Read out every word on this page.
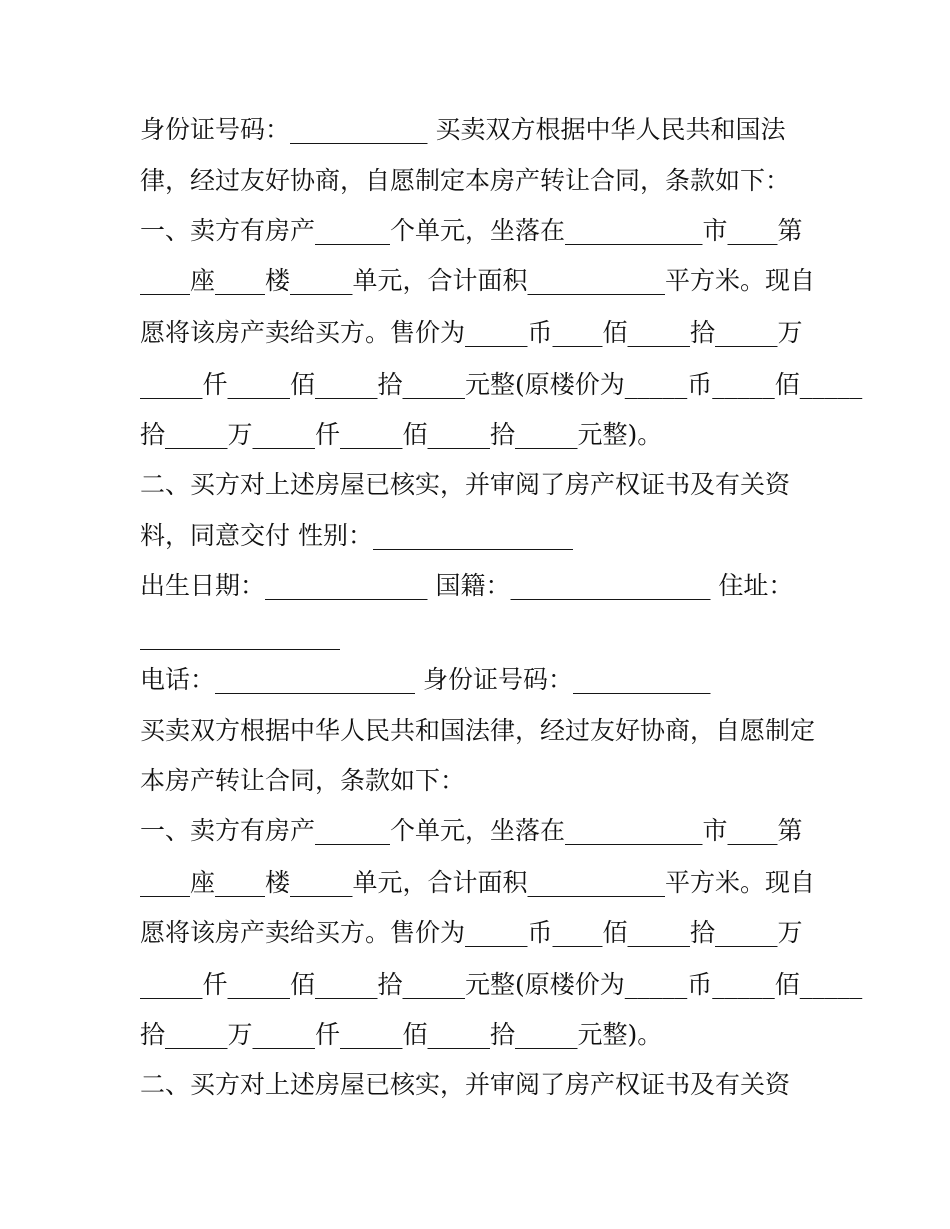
身份证号码：___________ 买卖双方根据中华人民共和国法
律，经过友好协商，自愿制定本房产转让合同，条款如下：
一、卖方有房产______个单元，坐落在___________市____第
____座____楼_____单元，合计面积___________平方米。现自
愿将该房产卖给买方。售价为_____币____佰_____拾_____万
_____仟_____佰_____拾_____元整(原楼价为_____币_____佰_____
拾_____万_____仟_____佰_____拾_____元整)。
二、买方对上述房屋已核实，并审阅了房产权证书及有关资
料，同意交付 性别：________________
出生日期：_____________ 国籍：________________ 住址：
________________
电话：________________ 身份证号码：___________
买卖双方根据中华人民共和国法律，经过友好协商，自愿制定
本房产转让合同，条款如下：
一、卖方有房产______个单元，坐落在___________市____第
____座____楼_____单元，合计面积___________平方米。现自
愿将该房产卖给买方。售价为_____币____佰_____拾_____万
_____仟_____佰_____拾_____元整(原楼价为_____币_____佰_____
拾_____万_____仟_____佰_____拾_____元整)。
二、买方对上述房屋已核实，并审阅了房产权证书及有关资
